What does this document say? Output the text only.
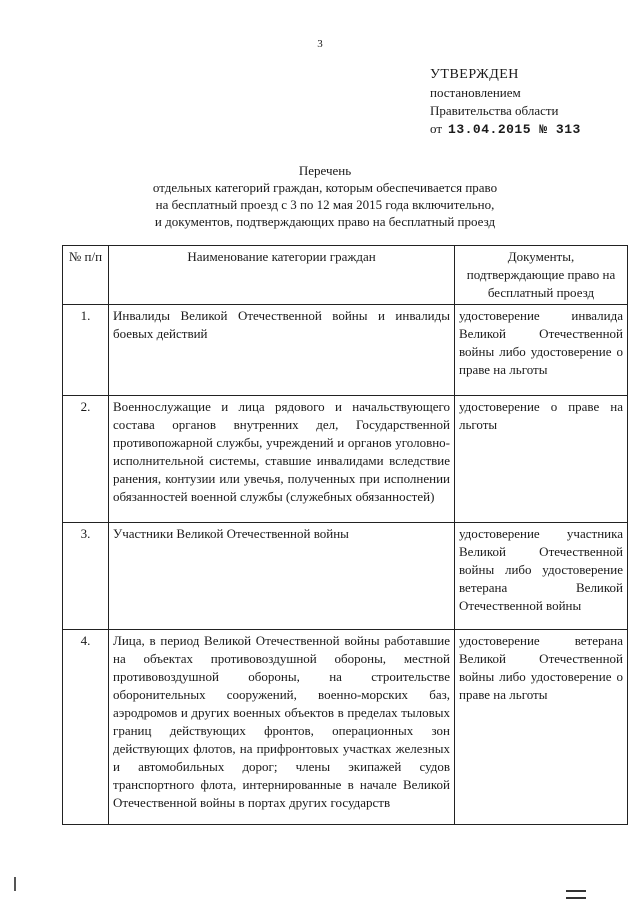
3
УТВЕРЖДЕН
постановлением
Правительства области
от 13.04.2015 № 313
Перечень
отдельных категорий граждан, которым обеспечивается право
на бесплатный проезд с 3 по 12 мая 2015 года включительно,
и документов, подтверждающих право на бесплатный проезд
№ п/п	Наименование категории граждан	Документы, подтверждающие право на бесплатный проезд
1.	Инвалиды Великой Отечественной войны и инвалиды боевых действий	удостоверение инвалида Великой Отечественной войны либо удостоверение о праве на льготы
2.	Военнослужащие и лица рядового и начальствующего состава органов внутренних дел, Государственной противопожарной службы, учреждений и органов уголовно-исполнительной системы, ставшие инвалидами вследствие ранения, контузии или увечья, полученных при исполнении обязанностей военной службы (служебных обязанностей)	удостоверение о праве на льготы
3.	Участники Великой Отечественной войны	удостоверение участника Великой Отечественной войны либо удостоверение ветерана Великой Отечественной войны
4.	Лица, в период Великой Отечественной войны работавшие на объектах противовоздушной обороны, местной противовоздушной обороны, на строительстве оборонительных сооружений, военно-морских баз, аэродромов и других военных объектов в пределах тыловых границ действующих фронтов, операционных зон действующих флотов, на прифронтовых участках железных и автомобильных дорог; члены экипажей судов транспортного флота, интернированные в начале Великой Отечественной войны в портах других государств	удостоверение ветерана Великой Отечественной войны либо удостоверение о праве на льготы
